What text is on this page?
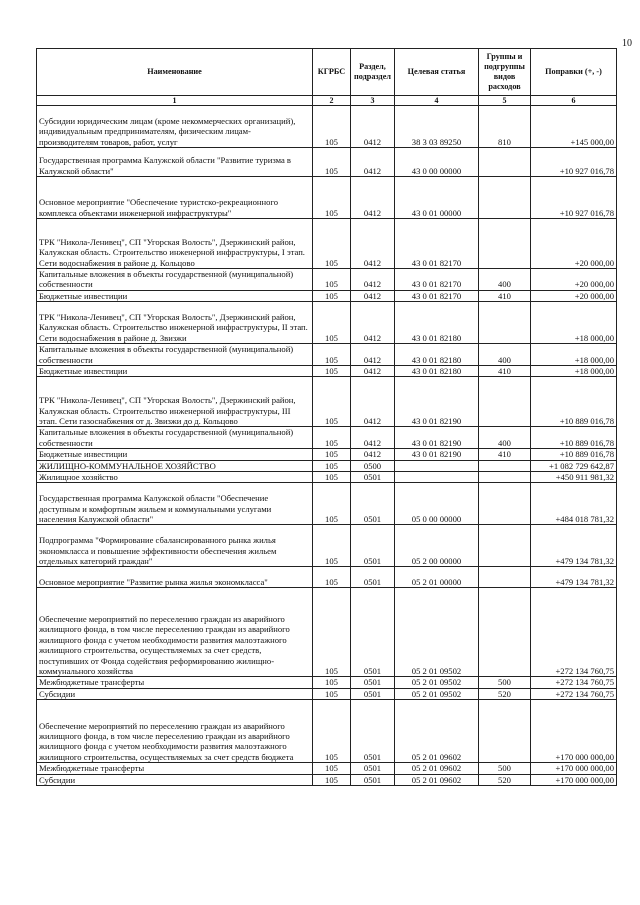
10
Наименование	КГРБС	Раздел, подраздел	Целевая статья	Группы и подгруппы видов расходов	Поправки (+, -)
1	2	3	4	5	6
Субсидии юридическим лицам (кроме некоммерческих организаций), индивидуальным предпринимателям, физическим лицам-производителям товаров, работ, услуг	105	0412	38 3 03 89250	810	+145 000,00
Государственная программа Калужской области "Развитие туризма в Калужской области"	105	0412	43 0 00 00000		+10 927 016,78
Основное мероприятие "Обеспечение туристско-рекреационного комплекса объектами инженерной инфраструктуры"	105	0412	43 0 01 00000		+10 927 016,78
ТРК "Никола-Ленивец", СП "Угорская Волость", Дзержинский район, Калужская область. Строительство инженерной инфраструктуры, I этап. Сети водоснабжения в районе д. Кольцово	105	0412	43 0 01 82170		+20 000,00
Капитальные вложения в объекты государственной (муниципальной) собственности	105	0412	43 0 01 82170	400	+20 000,00
Бюджетные инвестиции	105	0412	43 0 01 82170	410	+20 000,00
ТРК "Никола-Ленивец", СП "Угорская Волость", Дзержинский район, Калужская область. Строительство инженерной инфраструктуры, II этап. Сети водоснабжения в районе д. Звизжи	105	0412	43 0 01 82180		+18 000,00
Капитальные вложения в объекты государственной (муниципальной) собственности	105	0412	43 0 01 82180	400	+18 000,00
Бюджетные инвестиции	105	0412	43 0 01 82180	410	+18 000,00
ТРК "Никола-Ленивец", СП "Угорская Волость", Дзержинский район, Калужская область. Строительство инженерной инфраструктуры, III этап. Сети газоснабжения от д. Звизжи до д. Кольцово	105	0412	43 0 01 82190		+10 889 016,78
Капитальные вложения в объекты государственной (муниципальной) собственности	105	0412	43 0 01 82190	400	+10 889 016,78
Бюджетные инвестиции	105	0412	43 0 01 82190	410	+10 889 016,78
ЖИЛИЩНО-КОММУНАЛЬНОЕ ХОЗЯЙСТВО	105	0500			+1 082 729 642,87
Жилищное хозяйство	105	0501			+450 911 981,32
Государственная программа Калужской области "Обеспечение доступным и комфортным жильем и коммунальными услугами населения Калужской области"	105	0501	05 0 00 00000		+484 018 781,32
Подпрограмма "Формирование сбалансированного рынка жилья экономкласса и повышение эффективности обеспечения жильем отдельных категорий граждан"	105	0501	05 2 00 00000		+479 134 781,32
Основное мероприятие "Развитие рынка жилья экономкласса"	105	0501	05 2 01 00000		+479 134 781,32
Обеспечение мероприятий по переселению граждан из аварийного жилищного фонда, в том числе переселению граждан из аварийного жилищного фонда с учетом необходимости развития малоэтажного жилищного строительства, осуществляемых за счет средств, поступивших от Фонда содействия реформированию жилищно-коммунального хозяйства	105	0501	05 2 01 09502		+272 134 760,75
Межбюджетные трансферты	105	0501	05 2 01 09502	500	+272 134 760,75
Субсидии	105	0501	05 2 01 09502	520	+272 134 760,75
Обеспечение мероприятий по переселению граждан из аварийного жилищного фонда, в том числе переселению граждан из аварийного жилищного фонда с учетом необходимости развития малоэтажного жилищного строительства, осуществляемых за счет средств бюджета	105	0501	05 2 01 09602		+170 000 000,00
Межбюджетные трансферты	105	0501	05 2 01 09602	500	+170 000 000,00
Субсидии	105	0501	05 2 01 09602	520	+170 000 000,00
